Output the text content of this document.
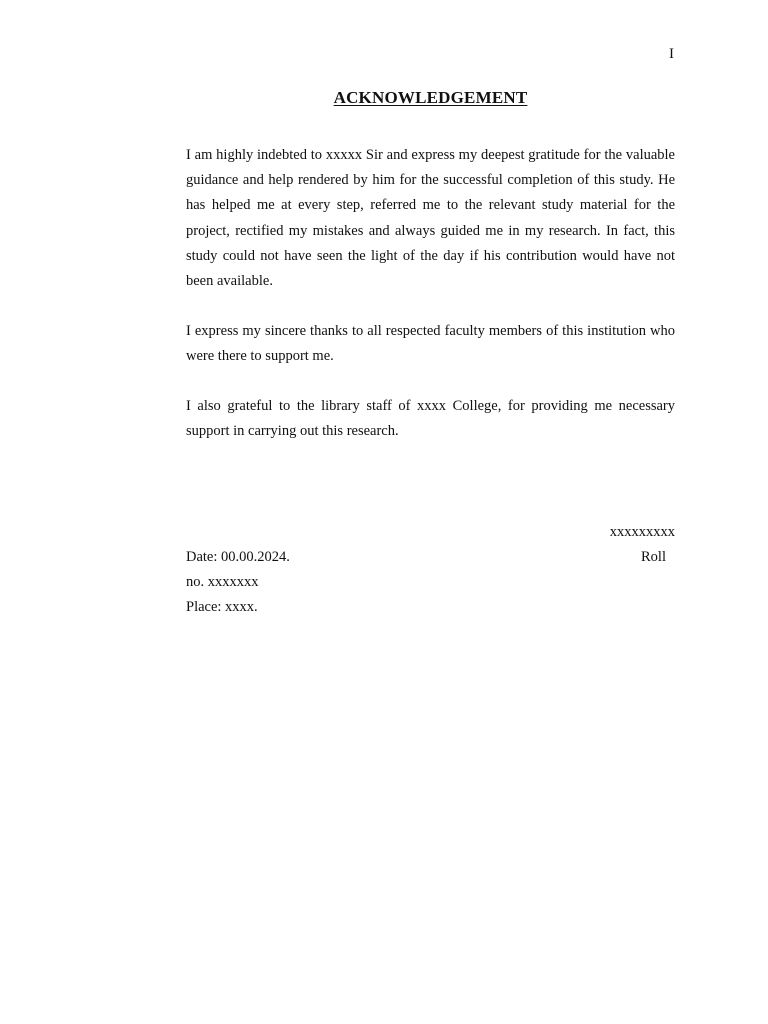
I
ACKNOWLEDGEMENT

I am highly indebted to xxxxx Sir and express my deepest gratitude for the valuable guidance and help rendered by him for the successful completion of this study. He has helped me at every step, referred me to the relevant study material for the project, rectified my mistakes and always guided me in my research. In fact, this study could not have seen the light of the day if his contribution would have not been available.

I express my sincere thanks to all respected faculty members of this institution who were there to support me.

I also grateful to the library staff of xxxx College, for providing me necessary support in carrying out this research.

xxxxxxxxx
Date: 00.00.2024.	Roll
no. xxxxxxx
Place: xxxx.
